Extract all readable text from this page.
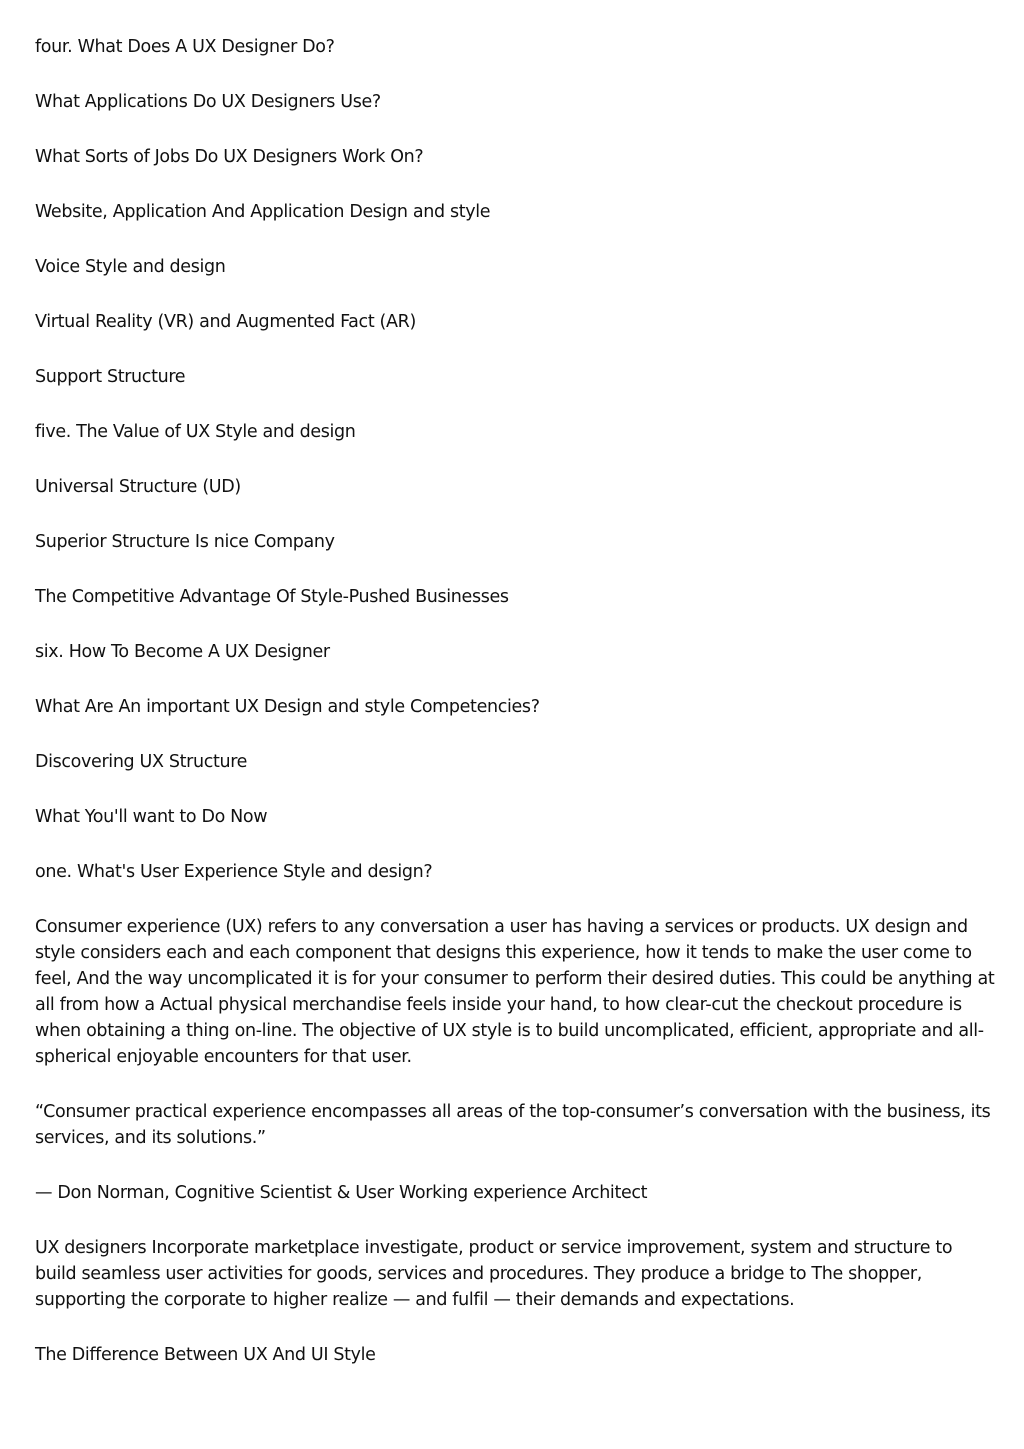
four. What Does A UX Designer Do?

What Applications Do UX Designers Use?

What Sorts of Jobs Do UX Designers Work On?

Website, Application And Application Design and style

Voice Style and design

Virtual Reality (VR) and Augmented Fact (AR)

Support Structure

five. The Value of UX Style and design

Universal Structure (UD)

Superior Structure Is nice Company

The Competitive Advantage Of Style-Pushed Businesses

six. How To Become A UX Designer

What Are An important UX Design and style Competencies?

Discovering UX Structure

What You'll want to Do Now

one. What's User Experience Style and design?

Consumer experience (UX) refers to any conversation a user has having a services or products. UX design and style considers each and each component that designs this experience, how it tends to make the user come to feel, And the way uncomplicated it is for your consumer to perform their desired duties. This could be anything at all from how a Actual physical merchandise feels inside your hand, to how clear-cut the checkout procedure is when obtaining a thing on-line. The objective of UX style is to build uncomplicated, efficient, appropriate and all-spherical enjoyable encounters for that user.

“Consumer practical experience encompasses all areas of the top-consumer’s conversation with the business, its services, and its solutions.”

— Don Norman, Cognitive Scientist & User Working experience Architect

UX designers Incorporate marketplace investigate, product or service improvement, system and structure to build seamless user activities for goods, services and procedures. They produce a bridge to The shopper, supporting the corporate to higher realize — and fulfil — their demands and expectations.

The Difference Between UX And UI Style
